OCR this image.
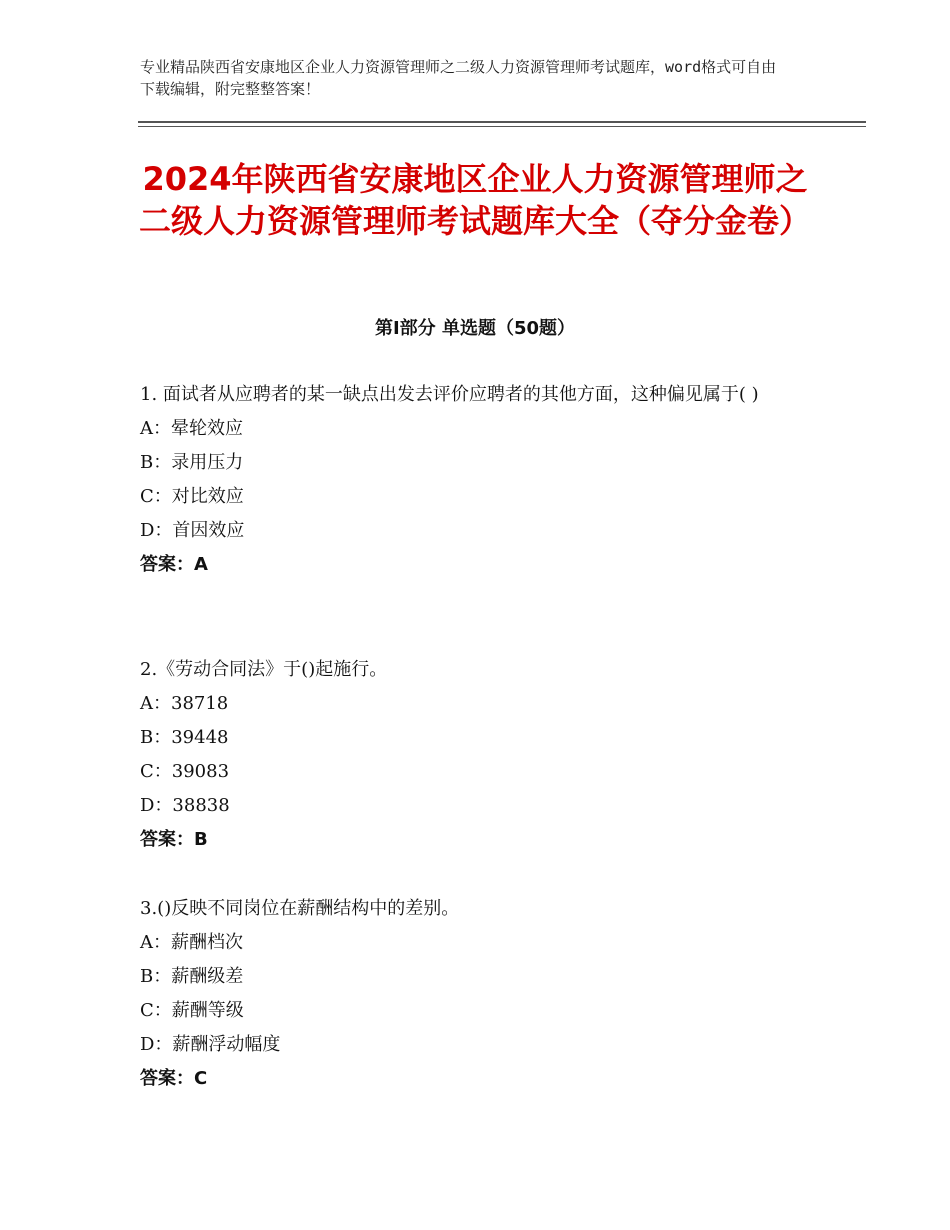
专业精品陕西省安康地区企业人力资源管理师之二级人力资源管理师考试题库，word格式可自由下载编辑，附完整整答案！
2024年陕西省安康地区企业人力资源管理师之二级人力资源管理师考试题库大全（夺分金卷）
第Ⅰ部分 单选题（50题）
1. 面试者从应聘者的某一缺点出发去评价应聘者的其他方面，这种偏见属于( )
A：晕轮效应
B：录用压力
C：对比效应
D：首因效应
答案：A
2.《劳动合同法》于()起施行。
A：38718
B：39448
C：39083
D：38838
答案：B
3.()反映不同岗位在薪酬结构中的差别。
A：薪酬档次
B：薪酬级差
C：薪酬等级
D：薪酬浮动幅度
答案：C
